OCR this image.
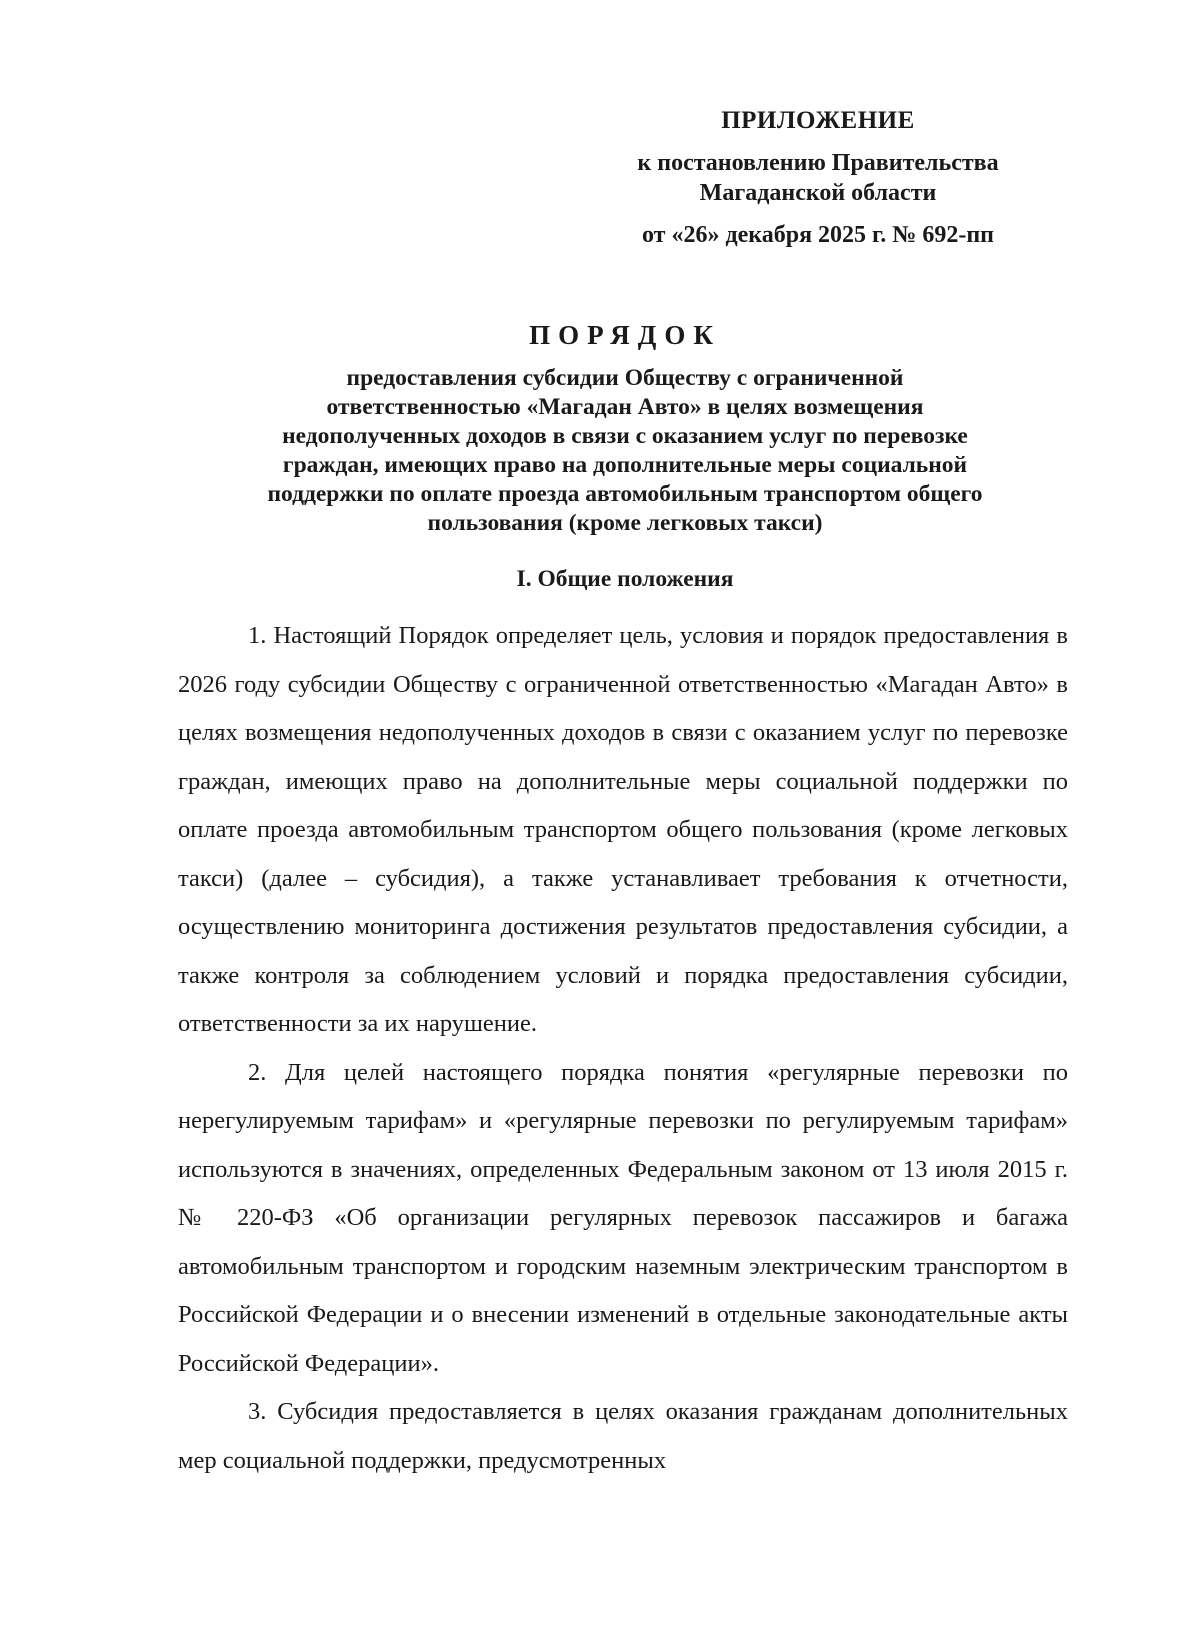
ПРИЛОЖЕНИЕ
к постановлению Правительства
Магаданской области
от «26» декабря 2025 г. № 692-пп
ПОРЯДОК
предоставления субсидии Обществу с ограниченной
ответственностью «Магадан Авто» в целях возмещения
недополученных доходов в связи с оказанием услуг по перевозке
граждан, имеющих право на дополнительные меры социальной
поддержки по оплате проезда автомобильным транспортом общего
пользования (кроме легковых такси)
I. Общие положения

1. Настоящий Порядок определяет цель, условия и порядок предоставления в 2026 году субсидии Обществу с ограниченной ответственностью «Магадан Авто» в целях возмещения недополученных доходов в связи с оказанием услуг по перевозке граждан, имеющих право на дополнительные меры социальной поддержки по оплате проезда автомобильным транспортом общего пользования (кроме легковых такси) (далее – субсидия), а также устанавливает требования к отчетности, осуществлению мониторинга достижения результатов предоставления субсидии, а также контроля за соблюдением условий и порядка предоставления субсидии, ответственности за их нарушение.

2. Для целей настоящего порядка понятия «регулярные перевозки по нерегулируемым тарифам» и «регулярные перевозки по регулируемым тарифам» используются в значениях, определенных Федеральным законом от 13 июля 2015 г. № 220-ФЗ «Об организации регулярных перевозок пассажиров и багажа автомобильным транспортом и городским наземным электрическим транспортом в Российской Федерации и о внесении изменений в отдельные законодательные акты Российской Федерации».

3. Субсидия предоставляется в целях оказания гражданам дополнительных мер социальной поддержки, предусмотренных
